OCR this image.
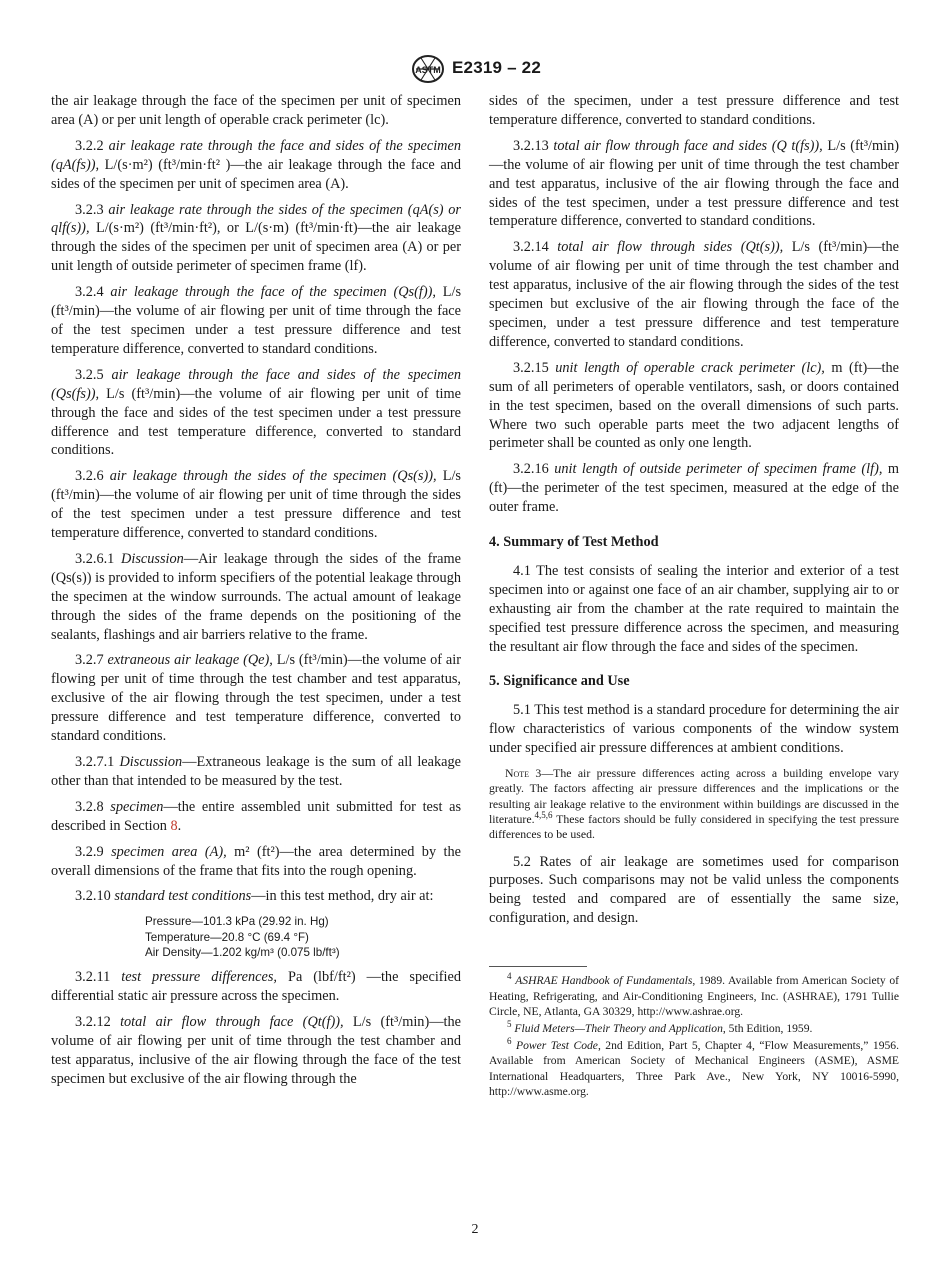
ASTM E2319 – 22

the air leakage through the face of the specimen per unit of specimen area (A) or per unit length of operable crack perimeter (lc).

3.2.2 air leakage rate through the face and sides of the specimen (qA(fs)), L/(s·m²) (ft³/min·ft² )—the air leakage through the face and sides of the specimen per unit of specimen area (A).

3.2.3 air leakage rate through the sides of the specimen (qA(s) or qlf(s)), L/(s·m²) (ft³/min·ft²), or L/(s·m) (ft³/min·ft)—the air leakage through the sides of the specimen per unit of specimen area (A) or per unit length of outside perimeter of specimen frame (lf).

3.2.4 air leakage through the face of the specimen (Qs(f)), L/s (ft³/min)—the volume of air flowing per unit of time through the face of the test specimen under a test pressure difference and test temperature difference, converted to standard conditions.

3.2.5 air leakage through the face and sides of the specimen (Qs(fs)), L/s (ft³/min)—the volume of air flowing per unit of time through the face and sides of the test specimen under a test pressure difference and test temperature difference, converted to standard conditions.

3.2.6 air leakage through the sides of the specimen (Qs(s)), L/s (ft³/min)—the volume of air flowing per unit of time through the sides of the test specimen under a test pressure difference and test temperature difference, converted to standard conditions.

3.2.6.1 Discussion—Air leakage through the sides of the frame (Qs(s)) is provided to inform specifiers of the potential leakage through the specimen at the window surrounds. The actual amount of leakage through the sides of the frame depends on the positioning of the sealants, flashings and air barriers relative to the frame.

3.2.7 extraneous air leakage (Qe), L/s (ft³/min)—the volume of air flowing per unit of time through the test chamber and test apparatus, exclusive of the air flowing through the test specimen, under a test pressure difference and test temperature difference, converted to standard conditions.

3.2.7.1 Discussion—Extraneous leakage is the sum of all leakage other than that intended to be measured by the test.

3.2.8 specimen—the entire assembled unit submitted for test as described in Section 8.

3.2.9 specimen area (A), m² (ft²)—the area determined by the overall dimensions of the frame that fits into the rough opening.

3.2.10 standard test conditions—in this test method, dry air at:

Pressure—101.3 kPa (29.92 in. Hg)
Temperature—20.8 °C (69.4 °F)
Air Density—1.202 kg/m³ (0.075 lb/ft³)

3.2.11 test pressure differences, Pa (lbf/ft²) —the specified differential static air pressure across the specimen.

3.2.12 total air flow through face (Qt(f)), L/s (ft³/min)—the volume of air flowing per unit of time through the test chamber and test apparatus, inclusive of the air flowing through the face of the test specimen but exclusive of the air flowing through the

sides of the specimen, under a test pressure difference and test temperature difference, converted to standard conditions.

3.2.13 total air flow through face and sides (Q t(fs)), L/s (ft³/min)—the volume of air flowing per unit of time through the test chamber and test apparatus, inclusive of the air flowing through the face and sides of the test specimen, under a test pressure difference and test temperature difference, converted to standard conditions.

3.2.14 total air flow through sides (Qt(s)), L/s (ft³/min)—the volume of air flowing per unit of time through the test chamber and test apparatus, inclusive of the air flowing through the sides of the test specimen but exclusive of the air flowing through the face of the specimen, under a test pressure difference and test temperature difference, converted to standard conditions.

3.2.15 unit length of operable crack perimeter (lc), m (ft)—the sum of all perimeters of operable ventilators, sash, or doors contained in the test specimen, based on the overall dimensions of such parts. Where two such operable parts meet the two adjacent lengths of perimeter shall be counted as only one length.

3.2.16 unit length of outside perimeter of specimen frame (lf), m (ft)—the perimeter of the test specimen, measured at the edge of the outer frame.

4. Summary of Test Method

4.1 The test consists of sealing the interior and exterior of a test specimen into or against one face of an air chamber, supplying air to or exhausting air from the chamber at the rate required to maintain the specified test pressure difference across the specimen, and measuring the resultant air flow through the face and sides of the specimen.

5. Significance and Use

5.1 This test method is a standard procedure for determining the air flow characteristics of various components of the window system under specified air pressure differences at ambient conditions.

Note 3—The air pressure differences acting across a building envelope vary greatly. The factors affecting air pressure differences and the implications or the resulting air leakage relative to the environment within buildings are discussed in the literature.$^{4,5,6}$ These factors should be fully considered in specifying the test pressure differences to be used.

5.2 Rates of air leakage are sometimes used for comparison purposes. Such comparisons may not be valid unless the components being tested and compared are of essentially the same size, configuration, and design.

$^4$ ASHRAE Handbook of Fundamentals, 1989. Available from American Society of Heating, Refrigerating, and Air-Conditioning Engineers, Inc. (ASHRAE), 1791 Tullie Circle, NE, Atlanta, GA 30329, http://www.ashrae.org.

$^5$ Fluid Meters—Their Theory and Application, 5th Edition, 1959.

$^6$ Power Test Code, 2nd Edition, Part 5, Chapter 4, “Flow Measurements,” 1956. Available from American Society of Mechanical Engineers (ASME), ASME International Headquarters, Three Park Ave., New York, NY 10016-5990, http://www.asme.org.

2
